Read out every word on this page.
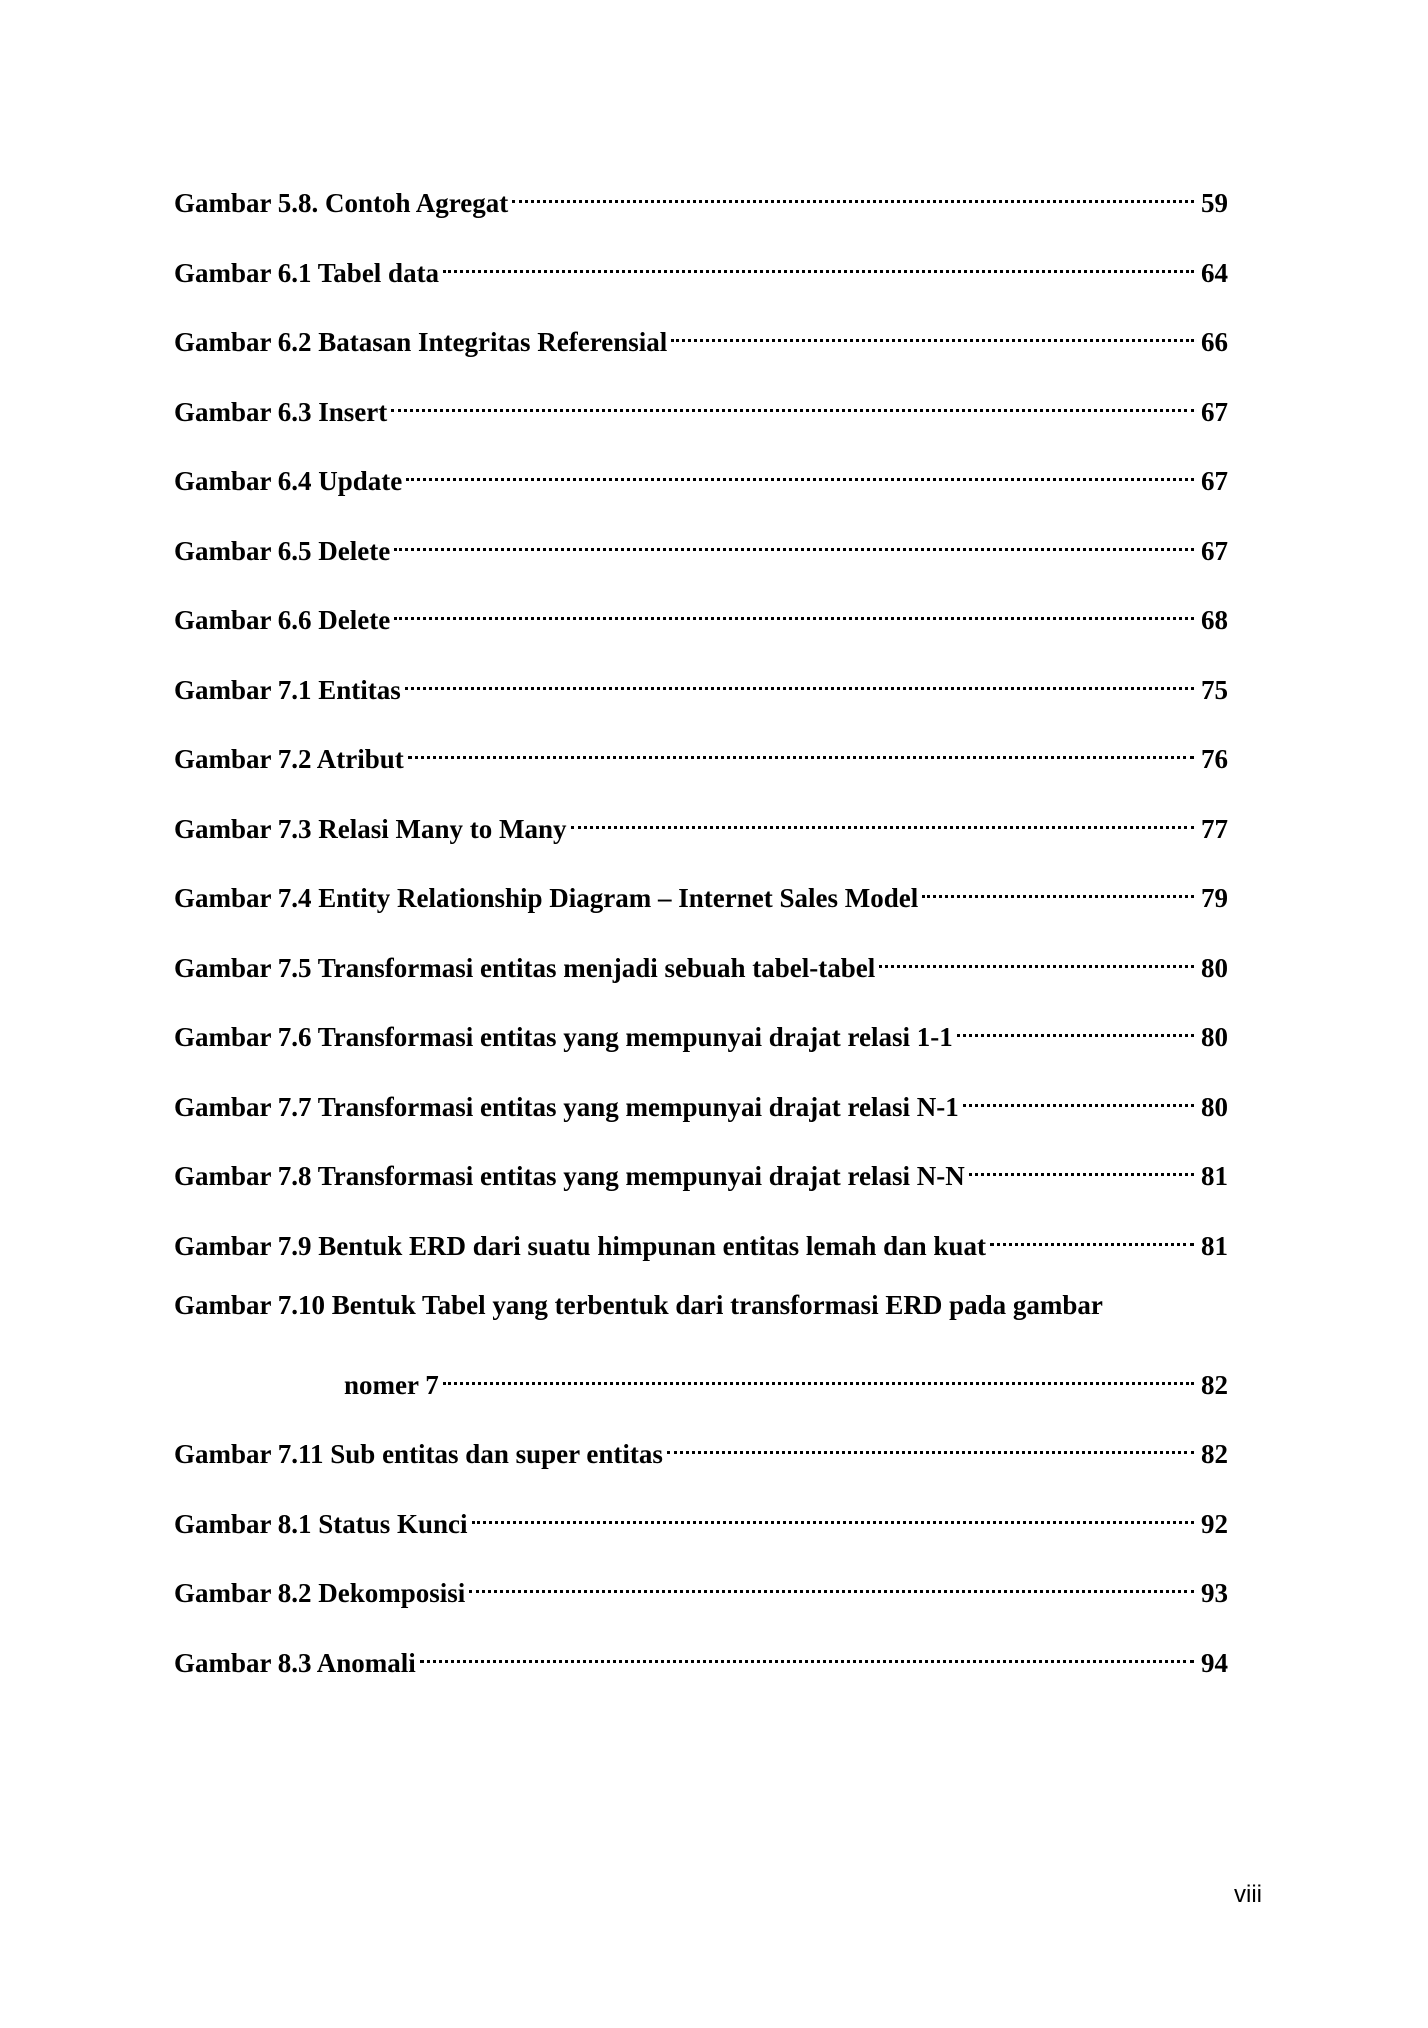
Gambar 5.8. Contoh Agregat	59
Gambar 6.1 Tabel data	64
Gambar 6.2 Batasan Integritas Referensial	66
Gambar 6.3 Insert	67
Gambar 6.4 Update	67
Gambar 6.5 Delete	67
Gambar 6.6 Delete	68
Gambar 7.1 Entitas	75
Gambar 7.2 Atribut	76
Gambar 7.3 Relasi Many to Many	77
Gambar 7.4 Entity Relationship Diagram – Internet Sales Model	79
Gambar 7.5 Transformasi entitas menjadi sebuah tabel-tabel	80
Gambar 7.6 Transformasi entitas yang mempunyai drajat relasi 1-1	80
Gambar 7.7 Transformasi entitas yang mempunyai drajat relasi N-1	80
Gambar 7.8 Transformasi entitas yang mempunyai drajat relasi N-N	81
Gambar 7.9 Bentuk ERD dari suatu himpunan entitas lemah dan kuat	81
Gambar 7.10 Bentuk Tabel yang terbentuk dari transformasi ERD pada gambar
nomer 7	82
Gambar 7.11 Sub entitas dan super entitas	82
Gambar 8.1 Status Kunci	92
Gambar 8.2 Dekomposisi	93
Gambar 8.3 Anomali	94
viii
